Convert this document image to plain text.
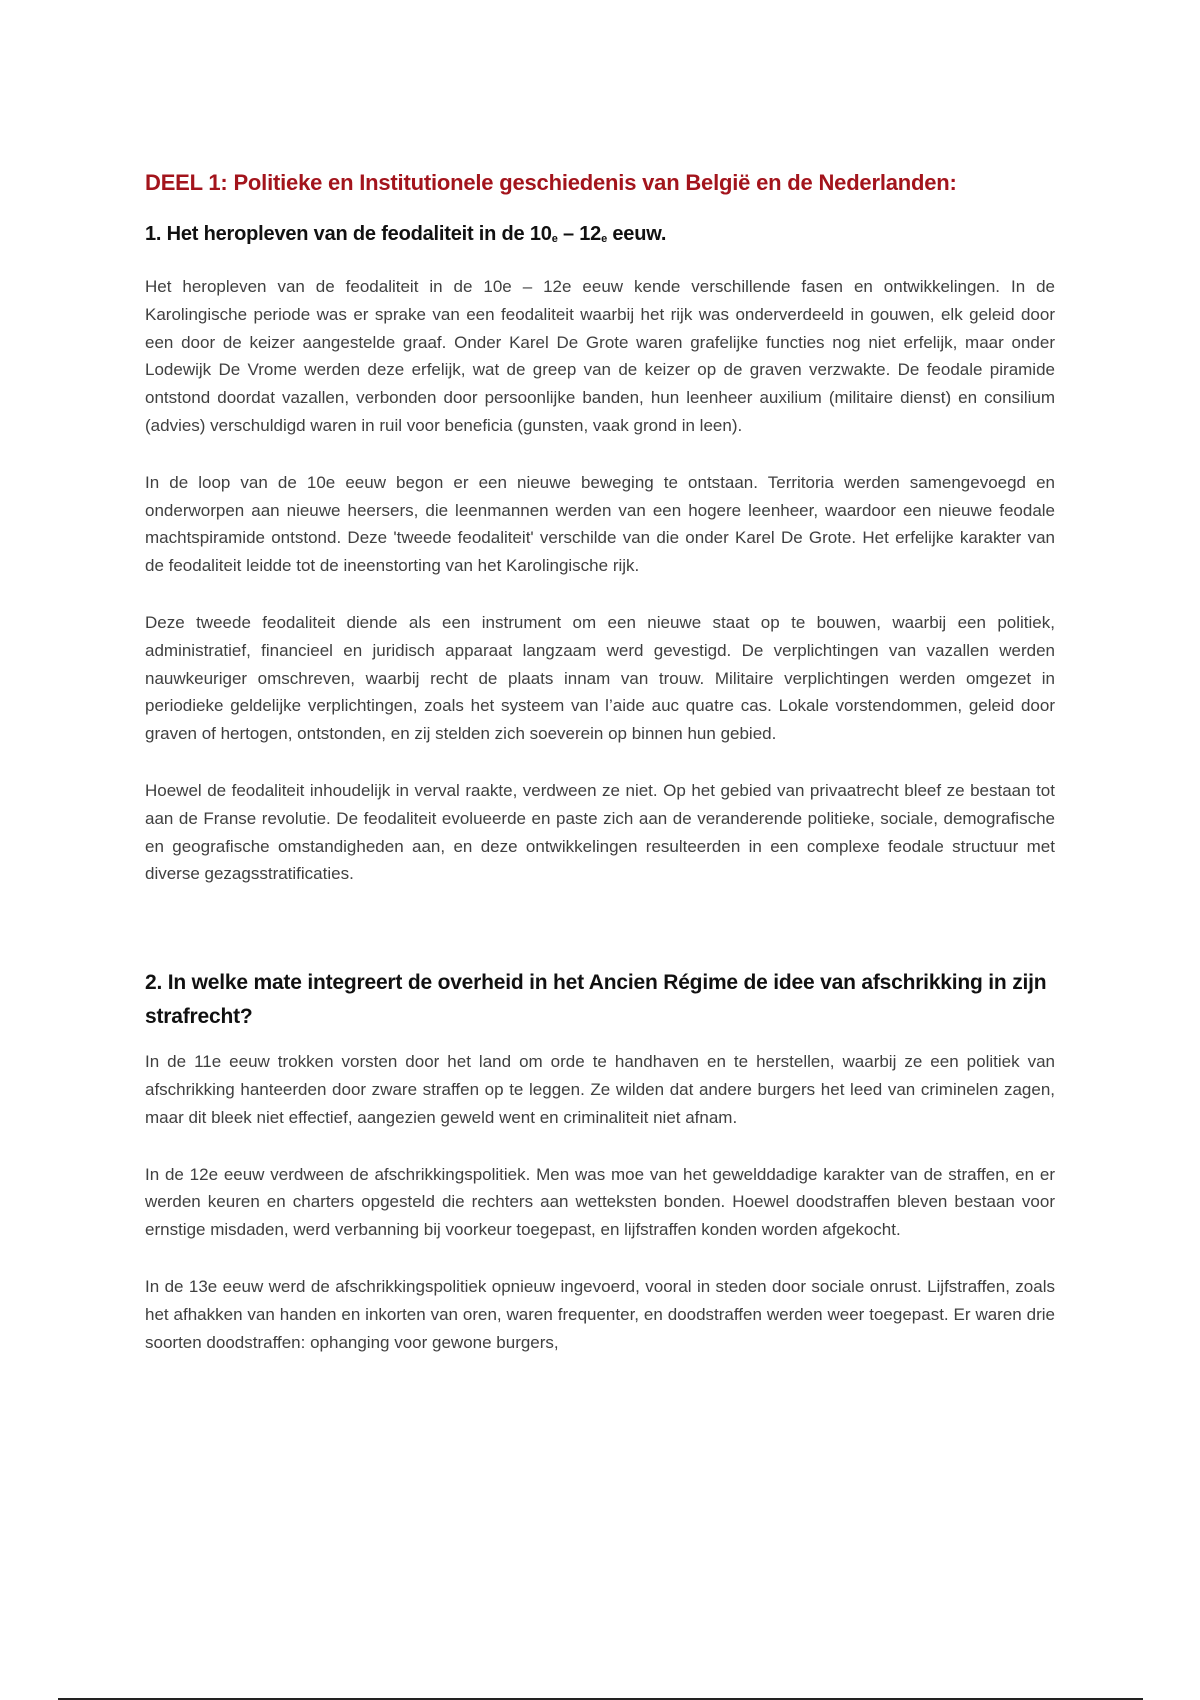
DEEL 1: Politieke en Institutionele geschiedenis van België en de Nederlanden:
1. Het heropleven van de feodaliteit in de $10_e - 12_e$ eeuw.

Het heropleven van de feodaliteit in de 10e – 12e eeuw kende verschillende fasen en ontwikkelingen. In de Karolingische periode was er sprake van een feodaliteit waarbij het rijk was onderverdeeld in gouwen, elk geleid door een door de keizer aangestelde graaf. Onder Karel De Grote waren grafelijke functies nog niet erfelijk, maar onder Lodewijk De Vrome werden deze erfelijk, wat de greep van de keizer op de graven verzwakte. De feodale piramide ontstond doordat vazallen, verbonden door persoonlijke banden, hun leenheer auxilium (militaire dienst) en consilium (advies) verschuldigd waren in ruil voor beneficia (gunsten, vaak grond in leen).

In de loop van de 10e eeuw begon er een nieuwe beweging te ontstaan. Territoria werden samengevoegd en onderworpen aan nieuwe heersers, die leenmannen werden van een hogere leenheer, waardoor een nieuwe feodale machtspiramide ontstond. Deze 'tweede feodaliteit' verschilde van die onder Karel De Grote. Het erfelijke karakter van de feodaliteit leidde tot de ineenstorting van het Karolingische rijk.

Deze tweede feodaliteit diende als een instrument om een nieuwe staat op te bouwen, waarbij een politiek, administratief, financieel en juridisch apparaat langzaam werd gevestigd. De verplichtingen van vazallen werden nauwkeuriger omschreven, waarbij recht de plaats innam van trouw. Militaire verplichtingen werden omgezet in periodieke geldelijke verplichtingen, zoals het systeem van l’aide auc quatre cas. Lokale vorstendommen, geleid door graven of hertogen, ontstonden, en zij stelden zich soeverein op binnen hun gebied.

Hoewel de feodaliteit inhoudelijk in verval raakte, verdween ze niet. Op het gebied van privaatrecht bleef ze bestaan tot aan de Franse revolutie. De feodaliteit evolueerde en paste zich aan de veranderende politieke, sociale, demografische en geografische omstandigheden aan, en deze ontwikkelingen resulteerden in een complexe feodale structuur met diverse gezagsstratificaties.

2. In welke mate integreert de overheid in het Ancien Régime de idee van afschrikking in zijn strafrecht?

In de 11e eeuw trokken vorsten door het land om orde te handhaven en te herstellen, waarbij ze een politiek van afschrikking hanteerden door zware straffen op te leggen. Ze wilden dat andere burgers het leed van criminelen zagen, maar dit bleek niet effectief, aangezien geweld went en criminaliteit niet afnam.

In de 12e eeuw verdween de afschrikkingspolitiek. Men was moe van het gewelddadige karakter van de straffen, en er werden keuren en charters opgesteld die rechters aan wetteksten bonden. Hoewel doodstraffen bleven bestaan voor ernstige misdaden, werd verbanning bij voorkeur toegepast, en lijfstraffen konden worden afgekocht.

In de 13e eeuw werd de afschrikkingspolitiek opnieuw ingevoerd, vooral in steden door sociale onrust. Lijfstraffen, zoals het afhakken van handen en inkorten van oren, waren frequenter, en doodstraffen werden weer toegepast. Er waren drie soorten doodstraffen: ophanging voor gewone burgers,
